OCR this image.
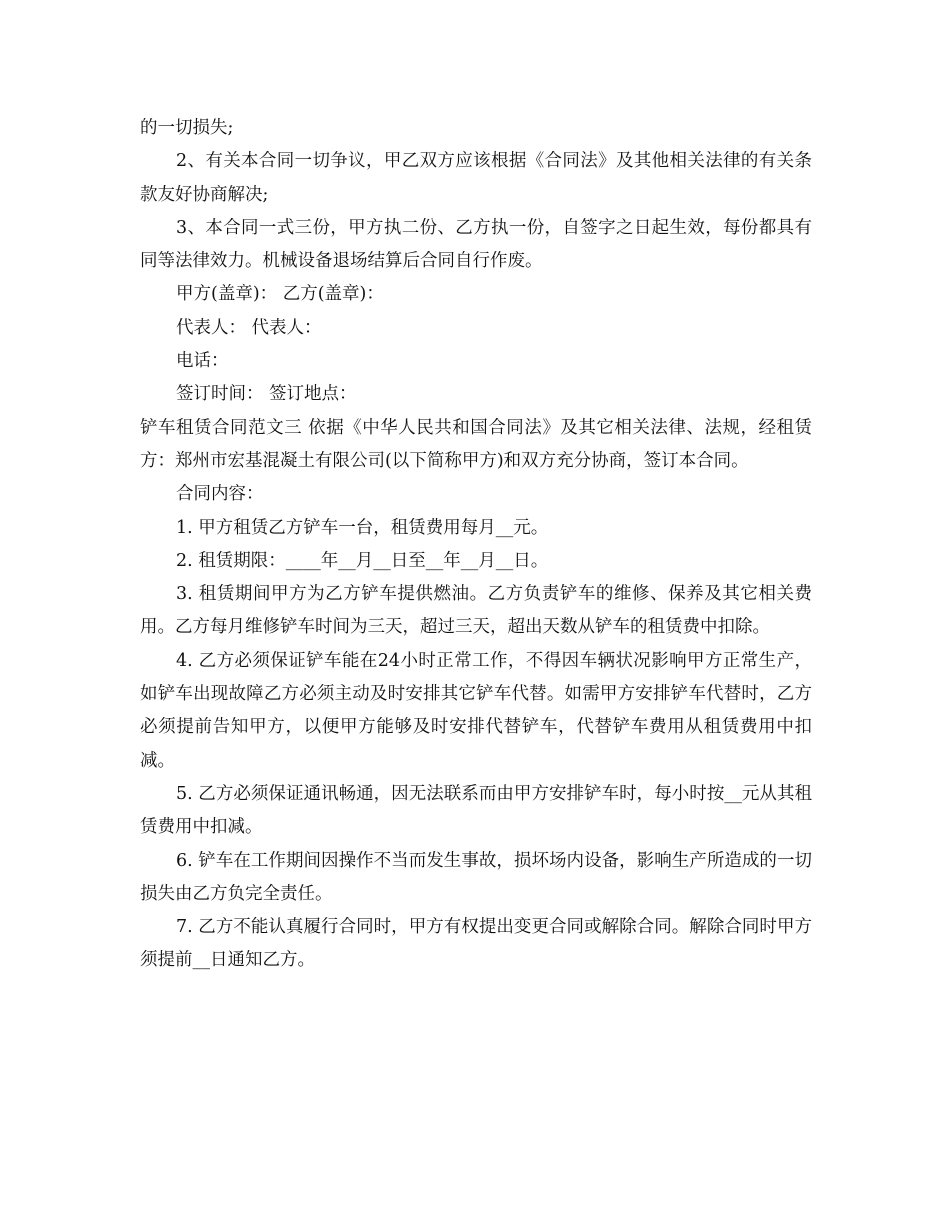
的一切损失;

2、有关本合同一切争议，甲乙双方应该根据《合同法》及其他相关法律的有关条款友好协商解决;

3、本合同一式三份，甲方执二份、乙方执一份，自签字之日起生效，每份都具有同等法律效力。机械设备退场结算后合同自行作废。

甲方(盖章)： 乙方(盖章)：

代表人： 代表人：

电话：

签订时间： 签订地点：

铲车租赁合同范文三 依据《中华人民共和国合同法》及其它相关法律、法规，经租赁方：郑州市宏基混凝土有限公司(以下简称甲方)和双方充分协商，签订本合同。

合同内容：

1. 甲方租赁乙方铲车一台，租赁费用每月__元。

2. 租赁期限：____年__月__日至__年__月__日。

3. 租赁期间甲方为乙方铲车提供燃油。乙方负责铲车的维修、保养及其它相关费用。乙方每月维修铲车时间为三天，超过三天，超出天数从铲车的租赁费中扣除。

4. 乙方必须保证铲车能在24小时正常工作，不得因车辆状况影响甲方正常生产，如铲车出现故障乙方必须主动及时安排其它铲车代替。如需甲方安排铲车代替时，乙方必须提前告知甲方，以便甲方能够及时安排代替铲车，代替铲车费用从租赁费用中扣减。

5. 乙方必须保证通讯畅通，因无法联系而由甲方安排铲车时，每小时按__元从其租赁费用中扣减。

6. 铲车在工作期间因操作不当而发生事故，损坏场内设备，影响生产所造成的一切损失由乙方负完全责任。

7. 乙方不能认真履行合同时，甲方有权提出变更合同或解除合同。解除合同时甲方须提前__日通知乙方。
